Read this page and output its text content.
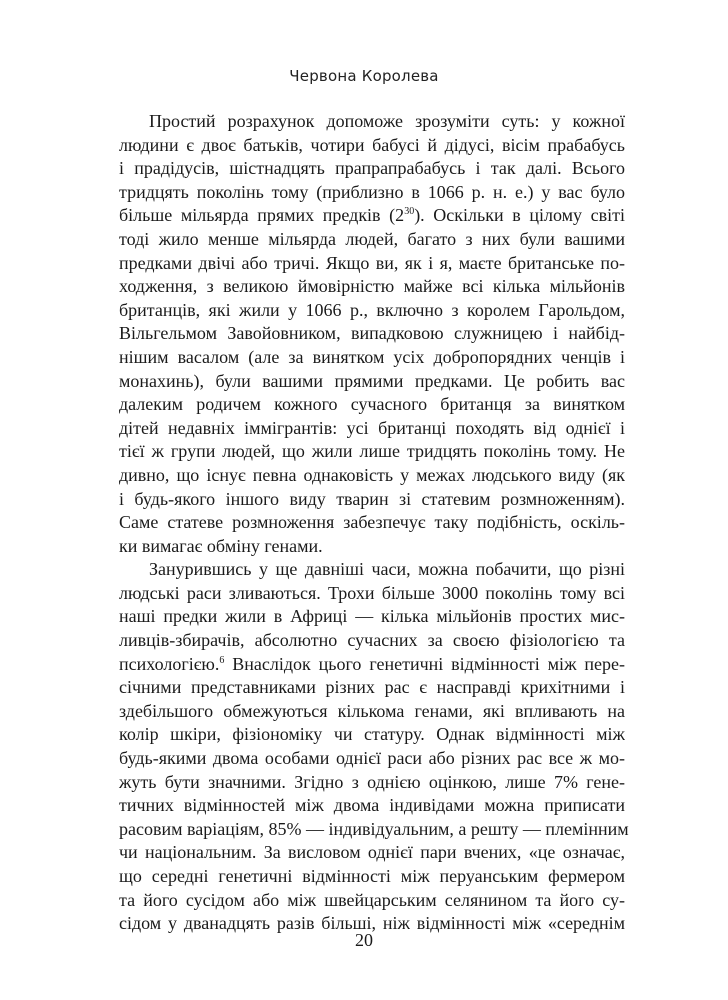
Червона Королева
Простий розрахунок допоможе зрозуміти суть: у кожної
людини є двоє батьків, чотири бабусі й дідусі, вісім прабабусь
і прадідусів, шістнадцять прапрапрабабусь і так далі. Всього
тридцять поколінь тому (приблизно в 1066 р. н. е.) у вас було
більше мільярда прямих предків $(2^{30})$. Оскільки в цілому світі
тоді жило менше мільярда людей, багато з них були вашими
предками двічі або тричі. Якщо ви, як і я, маєте британське по-
ходження, з великою ймовірністю майже всі кілька мільйонів
британців, які жили у 1066 р., включно з королем Гарольдом,
Вільгельмом Завойовником, випадковою служницею і найбід-
нішим васалом (але за винятком усіх добропорядних ченців і
монахинь), були вашими прямими предками. Це робить вас
далеким родичем кожного сучасного британця за винятком
дітей недавніх іммігрантів: усі британці походять від однієї і
тієї ж групи людей, що жили лише тридцять поколінь тому. Не
дивно, що існує певна однаковість у межах людського виду (як
і будь-якого іншого виду тварин зі статевим розмноженням).
Саме статеве розмноження забезпечує таку подібність, оскіль-
ки вимагає обміну генами.
Занурившись у ще давніші часи, можна побачити, що різні
людські раси зливаються. Трохи більше 3000 поколінь тому всі
наші предки жили в Африці — кілька мільйонів простих мис-
ливців-збирачів, абсолютно сучасних за своєю фізіологією та
психологією.$^6$ Внаслідок цього генетичні відмінності між пере-
січними представниками різних рас є насправді крихітними і
здебільшого обмежуються кількома генами, які впливають на
колір шкіри, фізіономіку чи статуру. Однак відмінності між
будь-якими двома особами однієї раси або різних рас все ж мо-
жуть бути значними. Згідно з однією оцінкою, лише 7% гене-
тичних відмінностей між двома індивідами можна приписати
расовим варіаціям, 85% — індивідуальним, а решту — племінним
чи національним. За висловом однієї пари вчених, «це означає,
що середні генетичні відмінності між перуанським фермером
та його сусідом або між швейцарським селянином та його су-
сідом у дванадцять разів більші, ніж відмінності між «середнім
20
